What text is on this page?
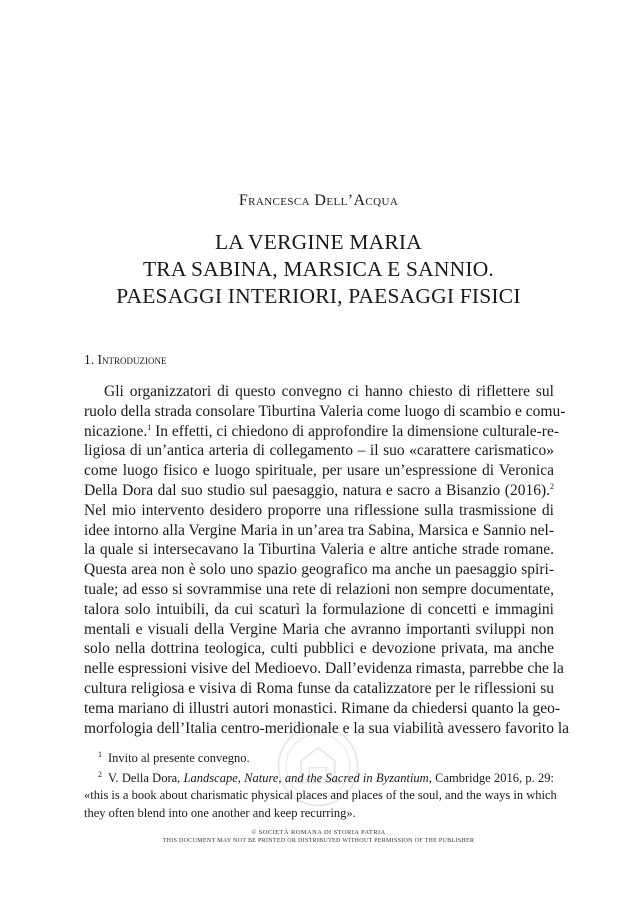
Francesca Dell’Acqua
LA VERGINE MARIA
TRA SABINA, MARSICA E SANNIO.
PAESAGGI INTERIORI, PAESAGGI FISICI
1. Introduzione
Gli organizzatori di questo convegno ci hanno chiesto di riflettere sul
ruolo della strada consolare Tiburtina Valeria come luogo di scambio e comu-
nicazione.$^1$ In effetti, ci chiedono di approfondire la dimensione culturale-re-
ligiosa di un’antica arteria di collegamento – il suo «carattere carismatico»
come luogo fisico e luogo spirituale, per usare un’espressione di Veronica
Della Dora dal suo studio sul paesaggio, natura e sacro a Bisanzio (2016).$^2$
Nel mio intervento desidero proporre una riflessione sulla trasmissione di
idee intorno alla Vergine Maria in un’area tra Sabina, Marsica e Sannio nel-
la quale si intersecavano la Tiburtina Valeria e altre antiche strade romane.
Questa area non è solo uno spazio geografico ma anche un paesaggio spiri-
tuale; ad esso si sovrammise una rete di relazioni non sempre documentate,
talora solo intuibili, da cui scaturì la formulazione di concetti e immagini
mentali e visuali della Vergine Maria che avranno importanti sviluppi non
solo nella dottrina teologica, culti pubblici e devozione privata, ma anche
nelle espressioni visive del Medioevo. Dall’evidenza rimasta, parrebbe che la
cultura religiosa e visiva di Roma funse da catalizzatore per le riflessioni su
tema mariano di illustri autori monastici. Rimane da chiedersi quanto la geo-
morfologia dell’Italia centro-meridionale e la sua viabilità avessero favorito la
$^1$ Invito al presente convegno.
$^2$ V. Della Dora, Landscape, Nature, and the Sacred in Byzantium, Cambridge 2016, p. 29:
«this is a book about charismatic physical places and places of the soul, and the ways in which
they often blend into one another and keep recurring».
© SOCIETÀ ROMANA DI STORIA PATRIA
THIS DOCUMENT MAY NOT BE PRINTED OR DISTRIBUTED WITHOUT PERMISSION OF THE PUBLISHER
